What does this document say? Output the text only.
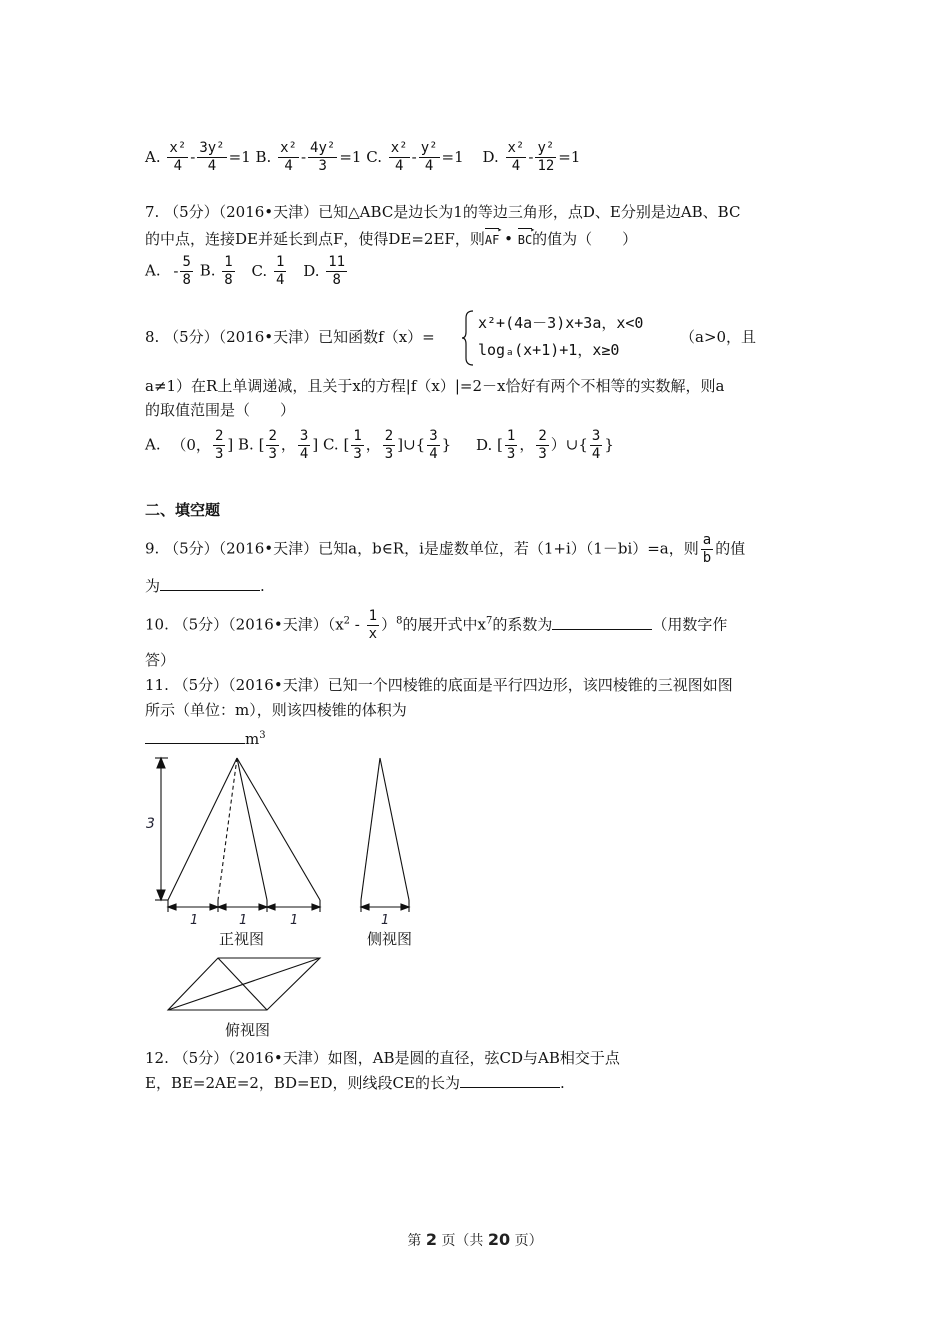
A. $\frac{\text{x²}}{4} - \frac{\text{3y²}}{4} =1$ B. $\frac{\text{x²}}{4} - \frac{\text{4y²}}{3} =1$ C. $\frac{\text{x²}}{4} - \frac{\text{y²}}{4} =1$ D. $\frac{\text{x²}}{4} - \frac{\text{y²}}{12} =1$
7. （5分）（2016•天津）已知△ABC是边长为1的等边三角形，点D、E分别是边AB、BC
的中点，连接DE并延长到点F，使得DE=2EF，则AF ▸ • BC ▸的值为（　　）
A. - $\frac{5}{8} B$. $\frac{1}{8} C$. $\frac{1}{4} D$. $\frac{11}{8}$
8. （5分）（2016•天津）已知函数f（x）=
x²+(4a－3)x+3a，x<0
logₐ(x+1)+1，x≥0
（a>0，且
a≠1）在R上单调递减，且关于x的方程|f（x）|=2－x恰好有两个不相等的实数解，则a
的取值范围是（　　）
A. （0， $\frac{2}{3}$ ] B. [ $\frac{2}{3}$ ， $\frac{3}{4}$ ] C. [ $\frac{1}{3}$ ， $\frac{2}{3}$ ]∪{ $\frac{3}{4}$ } D. [ $\frac{1}{3}$ ， $\frac{2}{3}$ ）∪{ $\frac{3}{4}$ }
二、填空题
9. （5分）（2016•天津）已知a，b∈R，i是虚数单位，若（1+i）（1－bi）=a，则 $\frac{a}{b}$ 的值
为	.
10. （5分）（2016•天津）$(x^2 - \frac{1}{x} )^8$的展开式中$x^7$的系数为	（用数字作
答）
11. （5分）（2016•天津）已知一个四棱锥的底面是平行四边形，该四棱锥的三视图如图
所示（单位：m），则该四棱锥的体积为
$m^3$
3
1	1	1
正视图
1
侧视图
俯视图
12. （5分）（2016•天津）如图，AB是圆的直径，弦CD与AB相交于点
E，BE=2AE=2，BD=ED，则线段CE的长为	.
第 2 页（共 20 页）
